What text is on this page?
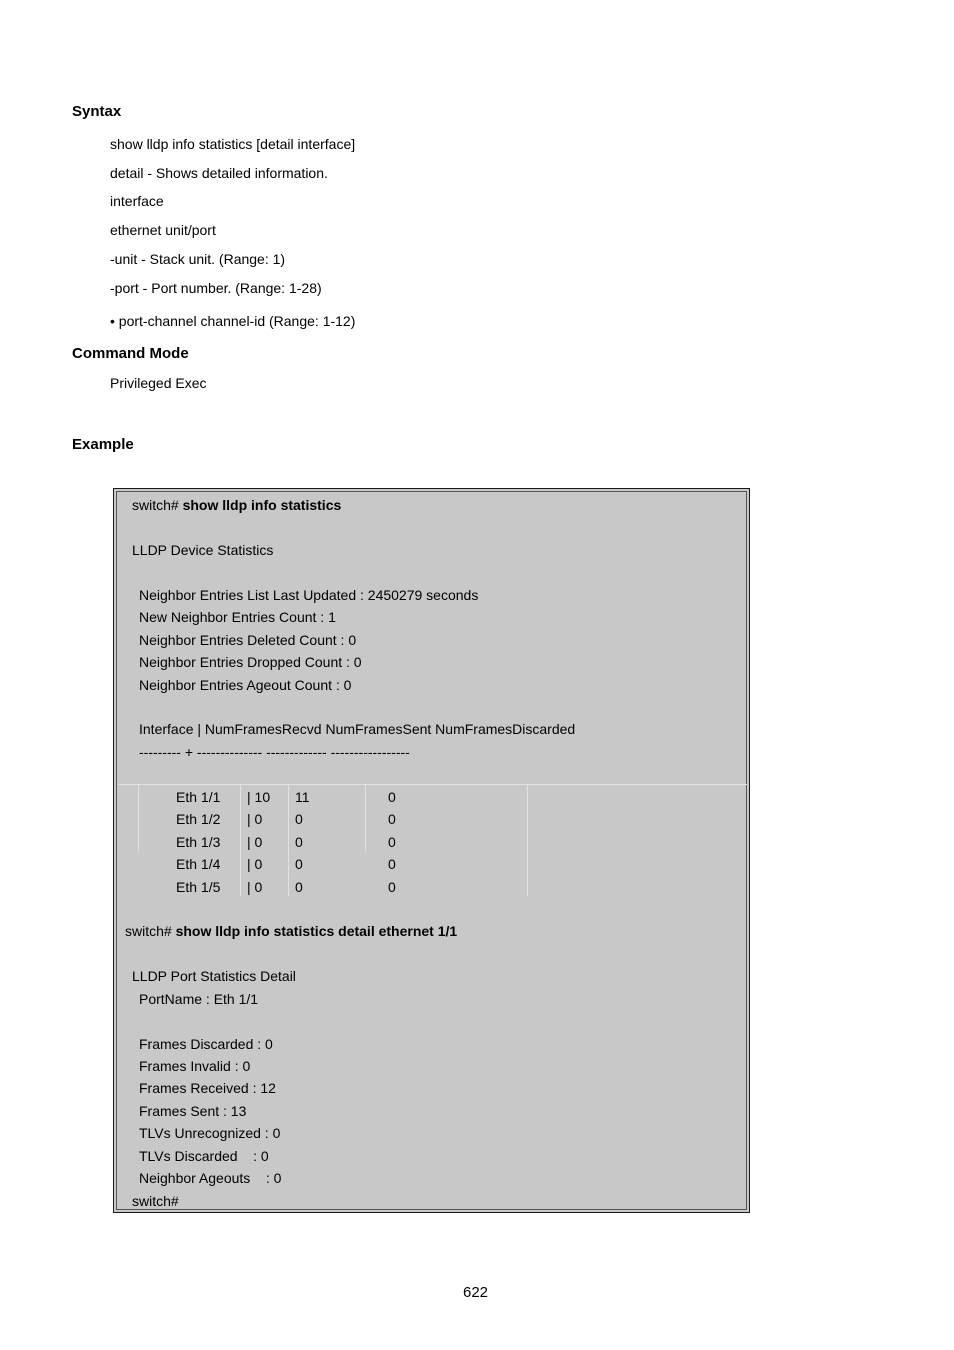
Syntax
show lldp info statistics [detail interface]
detail - Shows detailed information.
interface
ethernet unit/port
-unit - Stack unit. (Range: 1)
-port - Port number. (Range: 1-28)
• port-channel channel-id (Range: 1-12)
Command Mode
Privileged Exec
Example
switch# show lldp info statistics
LLDP Device Statistics
Neighbor Entries List Last Updated : 2450279 seconds
New Neighbor Entries Count : 1
Neighbor Entries Deleted Count : 0
Neighbor Entries Dropped Count : 0
Neighbor Entries Ageout Count : 0
Interface | NumFramesRecvd NumFramesSent NumFramesDiscarded
--------- + -------------- ------------- -----------------
Eth 1/1 | 10 11	0
Eth 1/2 | 0 0	0
Eth 1/3 | 0 0	0
Eth 1/4 | 0 0	0
Eth 1/5 | 0 0	0
switch# show lldp info statistics detail ethernet 1/1
LLDP Port Statistics Detail
PortName : Eth 1/1
Frames Discarded : 0
Frames Invalid : 0
Frames Received : 12
Frames Sent : 13
TLVs Unrecognized : 0
TLVs Discarded    : 0
Neighbor Ageouts    : 0
switch#
622
